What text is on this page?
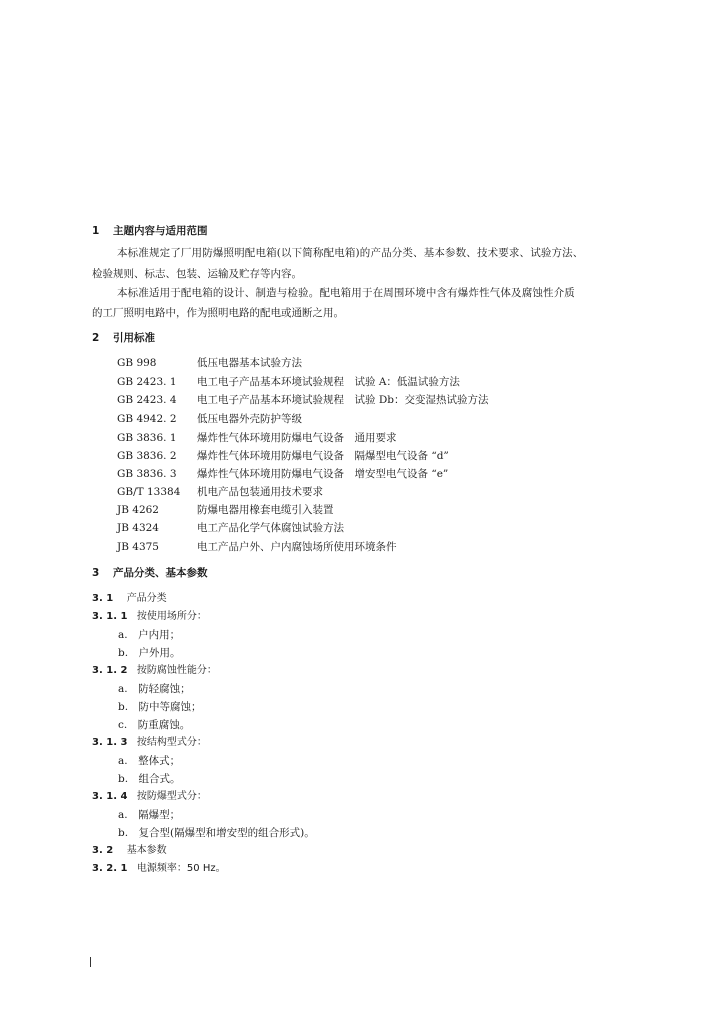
1 主题内容与适用范围
本标准规定了厂用防爆照明配电箱(以下简称配电箱)的产品分类、基本参数、技术要求、试验方法、
检验规则、标志、包装、运输及贮存等内容。
本标准适用于配电箱的设计、制造与检验。配电箱用于在周围环境中含有爆炸性气体及腐蚀性介质
的工厂照明电路中，作为照明电路的配电或通断之用。
2 引用标准
GB 998	低压电器基本试验方法
GB 2423. 1 电工电子产品基本环境试验规程　试验 A：低温试验方法
GB 2423. 4 电工电子产品基本环境试验规程　试验 Db：交变湿热试验方法
GB 4942. 2 低压电器外壳防护等级
GB 3836. 1 爆炸性气体环境用防爆电气设备　通用要求
GB 3836. 2 爆炸性气体环境用防爆电气设备　隔爆型电气设备 “d”
GB 3836. 3 爆炸性气体环境用防爆电气设备　增安型电气设备 “e”
GB/T 13384 机电产品包装通用技术要求
JB 4262	防爆电器用橡套电缆引入装置
JB 4324	电工产品化学气体腐蚀试验方法
JB 4375	电工产品户外、户内腐蚀场所使用环境条件
3 产品分类、基本参数
3. 1 产品分类
3. 1. 1 按使用场所分：
a.　户内用；
b.　户外用。
3. 1. 2 按防腐蚀性能分：
a.　防轻腐蚀；
b.　防中等腐蚀；
c.　防重腐蚀。
3. 1. 3 按结构型式分：
a.　整体式；
b.　组合式。
3. 1. 4 按防爆型式分：
a.　隔爆型；
b.　复合型(隔爆型和增安型的组合形式)。
3. 2 基本参数
3. 2. 1 电源频率：50 Hz。
